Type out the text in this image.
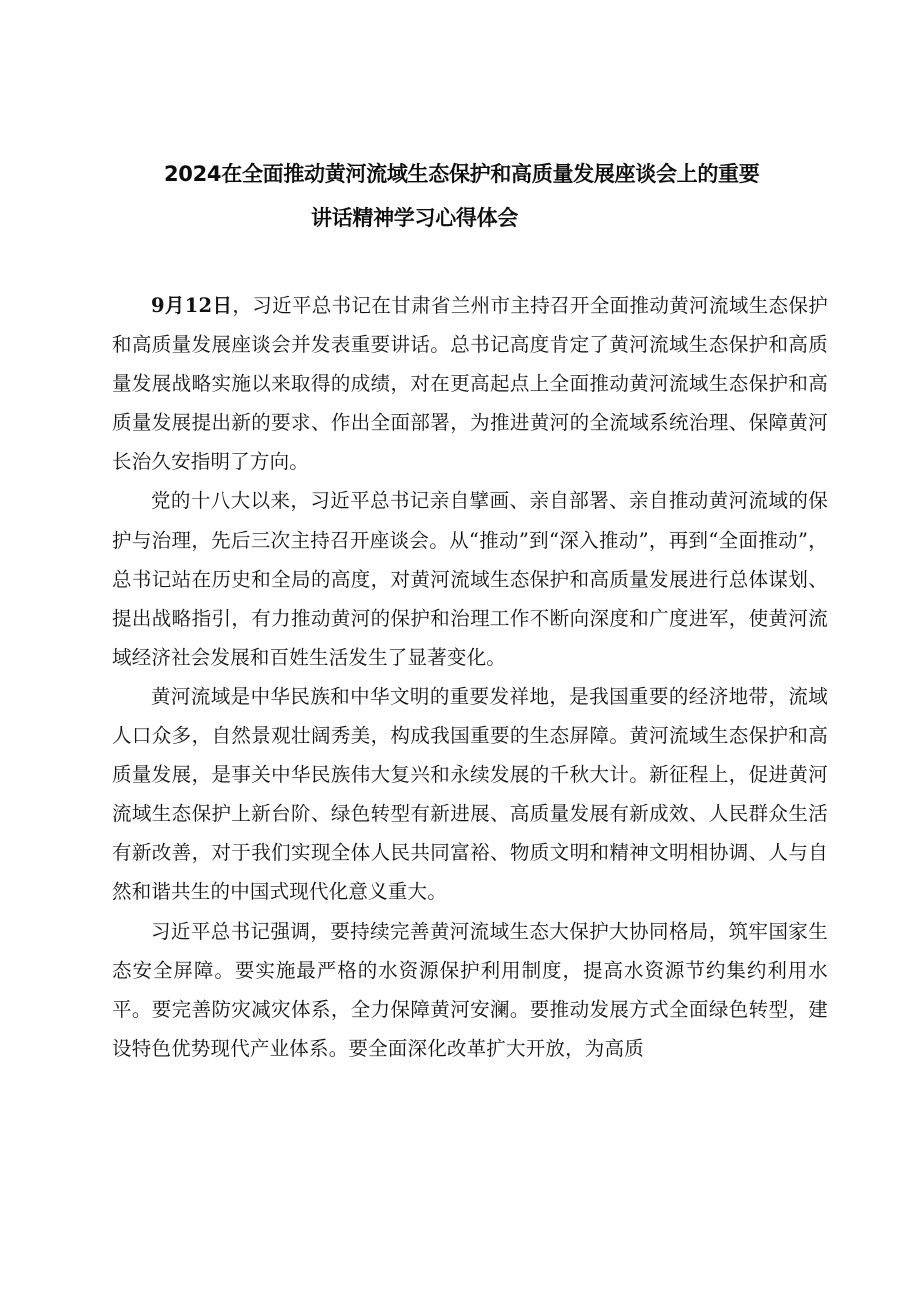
2024在全面推动黄河流域生态保护和高质量发展座谈会上的重要
讲话精神学习心得体会

9月12日，习近平总书记在甘肃省兰州市主持召开全面推动黄河流域生态保护和高质量发展座谈会并发表重要讲话。总书记高度肯定了黄河流域生态保护和高质量发展战略实施以来取得的成绩，对在更高起点上全面推动黄河流域生态保护和高质量发展提出新的要求、作出全面部署，为推进黄河的全流域系统治理、保障黄河长治久安指明了方向。

党的十八大以来，习近平总书记亲自擘画、亲自部署、亲自推动黄河流域的保护与治理，先后三次主持召开座谈会。从“推动”到“深入推动”，再到“全面推动”，总书记站在历史和全局的高度，对黄河流域生态保护和高质量发展进行总体谋划、提出战略指引，有力推动黄河的保护和治理工作不断向深度和广度进军，使黄河流域经济社会发展和百姓生活发生了显著变化。

黄河流域是中华民族和中华文明的重要发祥地，是我国重要的经济地带，流域人口众多，自然景观壮阔秀美，构成我国重要的生态屏障。黄河流域生态保护和高质量发展，是事关中华民族伟大复兴和永续发展的千秋大计。新征程上，促进黄河流域生态保护上新台阶、绿色转型有新进展、高质量发展有新成效、人民群众生活有新改善，对于我们实现全体人民共同富裕、物质文明和精神文明相协调、人与自然和谐共生的中国式现代化意义重大。

习近平总书记强调，要持续完善黄河流域生态大保护大协同格局，筑牢国家生态安全屏障。要实施最严格的水资源保护利用制度，提高水资源节约集约利用水平。要完善防灾减灾体系，全力保障黄河安澜。要推动发展方式全面绿色转型，建设特色优势现代产业体系。要全面深化改革扩大开放，为高质
